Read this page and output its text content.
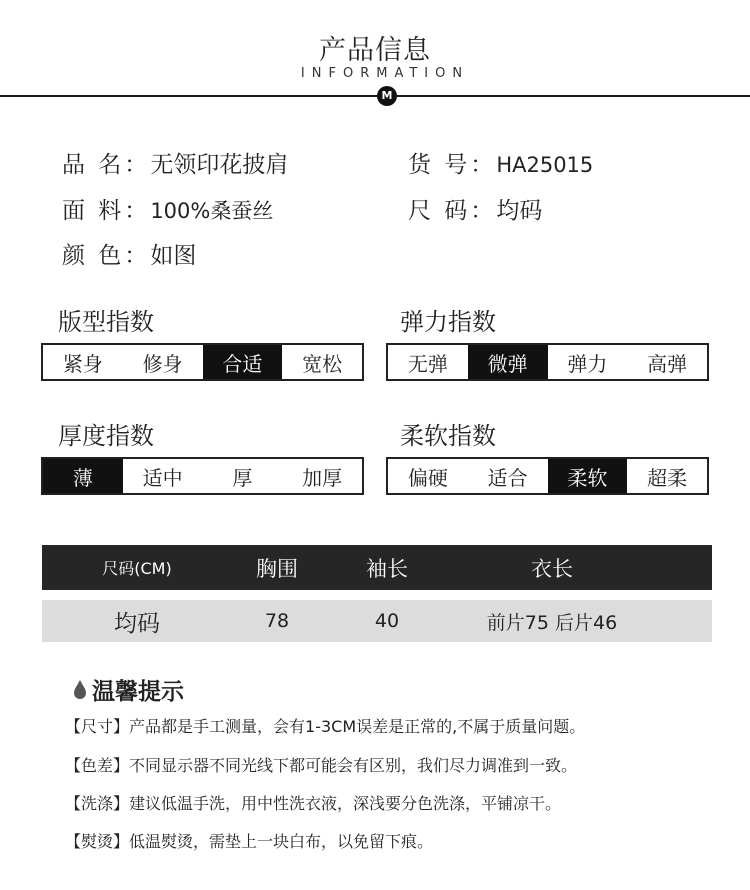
产品信息
INFORMATION
M
品 名：无领印花披肩	货 号：HA25015
面 料：100%桑蚕丝	尺 码：均码
颜 色：如图
版型指数
紧身	修身	合适	宽松
弹力指数
无弹	微弹	弹力	高弹
厚度指数
薄	适中	厚	加厚
柔软指数
偏硬	适合	柔软	超柔
尺码(CM)	胸围	袖长	衣长
均码	78	40	前片75 后片46
温馨提示
【尺寸】产品都是手工测量，会有1-3CM误差是正常的,不属于质量问题。
【色差】不同显示器不同光线下都可能会有区别，我们尽力调准到一致。
【洗涤】建议低温手洗，用中性洗衣液，深浅要分色洗涤，平铺凉干。
【熨烫】低温熨烫，需垫上一块白布，以免留下痕。
